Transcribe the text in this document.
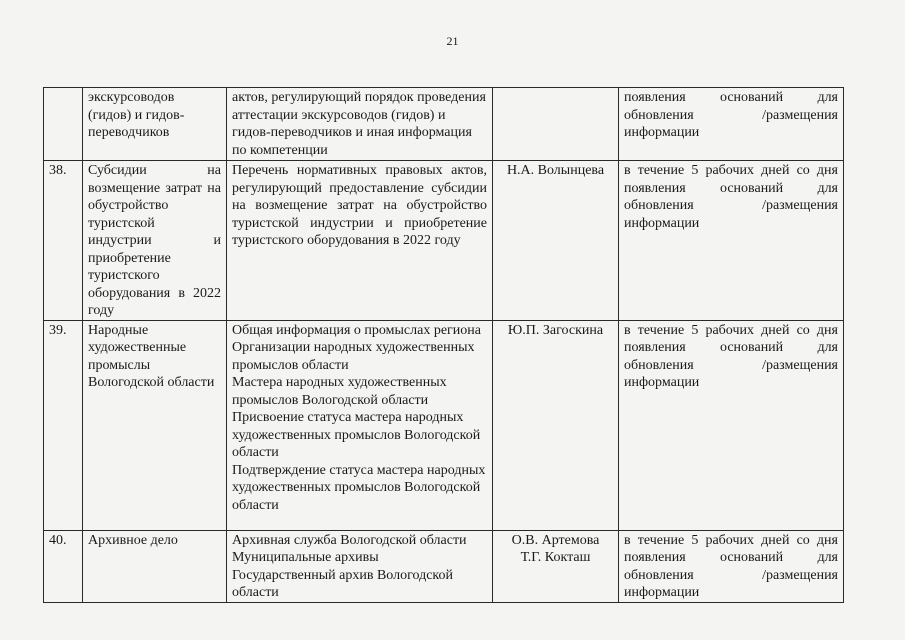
21
	экскурсоводов (гидов) и гидов-переводчиков	актов, регулирующий порядок проведения аттестации экскурсоводов (гидов) и гидов-переводчиков и иная информация по компетенции		появления оснований для обновления /размещения информации
38.	Субсидии на возмещение затрат на обустройство туристской индустрии и приобретение туристского оборудования в 2022 году	Перечень нормативных правовых актов, регулирующий предоставление субсидии на возмещение затрат на обустройство туристской индустрии и приобретение туристского оборудования в 2022 году	Н.А. Волынцева	в течение 5 рабочих дней со дня появления оснований для обновления /размещения информации
39.	Народные художественные промыслы Вологодской области	Общая информация о промыслах региона
Организации народных художественных промыслов области
Мастера народных художественных промыслов Вологодской области
Присвоение статуса мастера народных художественных промыслов Вологодской области
Подтверждение статуса мастера народных художественных промыслов Вологодской области	Ю.П. Загоскина	в течение 5 рабочих дней со дня появления оснований для обновления /размещения информации
40.	Архивное дело	Архивная служба Вологодской области
Муниципальные архивы
Государственный архив Вологодской области	О.В. Артемова
Т.Г. Кокташ	в течение 5 рабочих дней со дня появления оснований для обновления /размещения информации
